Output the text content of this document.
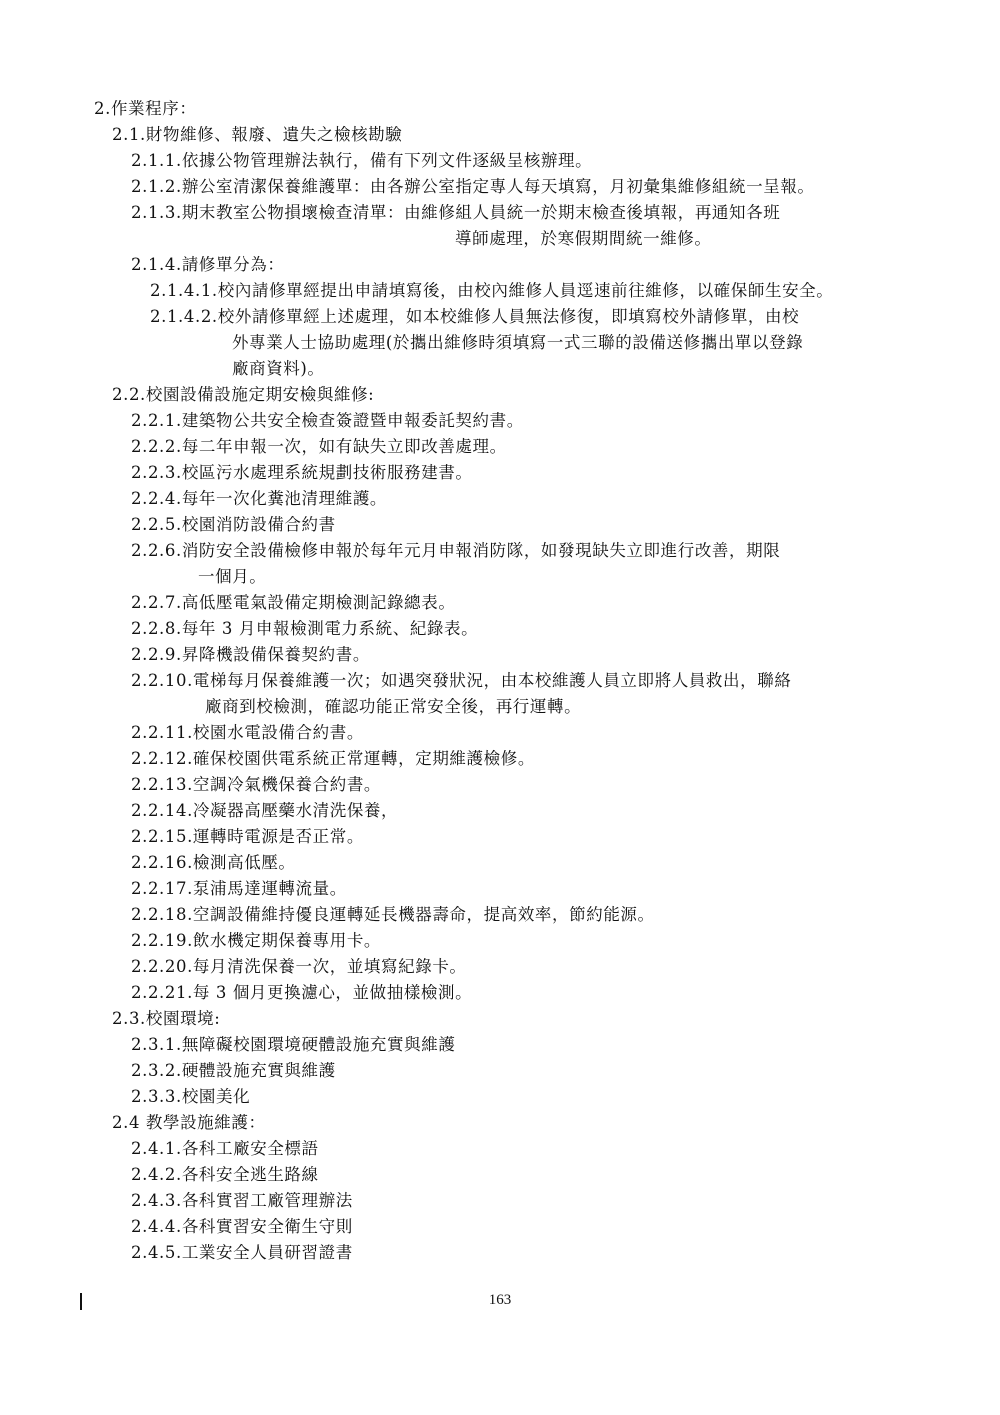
2.作業程序：
2.1.財物維修、報廢、遺失之檢核勘驗
2.1.1.依據公物管理辦法執行，備有下列文件逐級呈核辦理。
2.1.2.辦公室清潔保養維護單：由各辦公室指定專人每天填寫，月初彙集維修組統一呈報。
2.1.3.期末教室公物損壞檢查清單：由維修組人員統一於期末檢查後填報，再通知各班
導師處理，於寒假期間統一維修。
2.1.4.請修單分為：
2.1.4.1.校內請修單經提出申請填寫後，由校內維修人員逕速前往維修，以確保師生安全。
2.1.4.2.校外請修單經上述處理，如本校維修人員無法修復，即填寫校外請修單，由校
外專業人士協助處理(於攜出維修時須填寫一式三聯的設備送修攜出單以登錄
廠商資料)。
2.2.校園設備設施定期安檢與維修:
2.2.1.建築物公共安全檢查簽證暨申報委託契約書。
2.2.2.每二年申報一次，如有缺失立即改善處理。
2.2.3.校區污水處理系統規劃技術服務建書。
2.2.4.每年一次化糞池清理維護。
2.2.5.校園消防設備合約書
2.2.6.消防安全設備檢修申報於每年元月申報消防隊，如發現缺失立即進行改善，期限
一個月。
2.2.7.高低壓電氣設備定期檢測記錄總表。
2.2.8.每年 3 月申報檢測電力系統、紀錄表。
2.2.9.昇降機設備保養契約書。
2.2.10.電梯每月保養維護一次；如遇突發狀況，由本校維護人員立即將人員救出，聯絡
廠商到校檢測，確認功能正常安全後，再行運轉。
2.2.11.校園水電設備合約書。
2.2.12.確保校園供電系統正常運轉，定期維護檢修。
2.2.13.空調冷氣機保養合約書。
2.2.14.冷凝器高壓藥水清洗保養，
2.2.15.運轉時電源是否正常。
2.2.16.檢測高低壓。
2.2.17.泵浦馬達運轉流量。
2.2.18.空調設備維持優良運轉延長機器壽命，提高效率，節約能源。
2.2.19.飲水機定期保養專用卡。
2.2.20.每月清洗保養一次，並填寫紀錄卡。
2.2.21.每 3 個月更換濾心，並做抽樣檢測。
2.3.校園環境:
2.3.1.無障礙校園環境硬體設施充實與維護
2.3.2.硬體設施充實與維護
2.3.3.校園美化
2.4 教學設施維護：
2.4.1.各科工廠安全標語
2.4.2.各科安全逃生路線
2.4.3.各科實習工廠管理辦法
2.4.4.各科實習安全衛生守則
2.4.5.工業安全人員研習證書
163
